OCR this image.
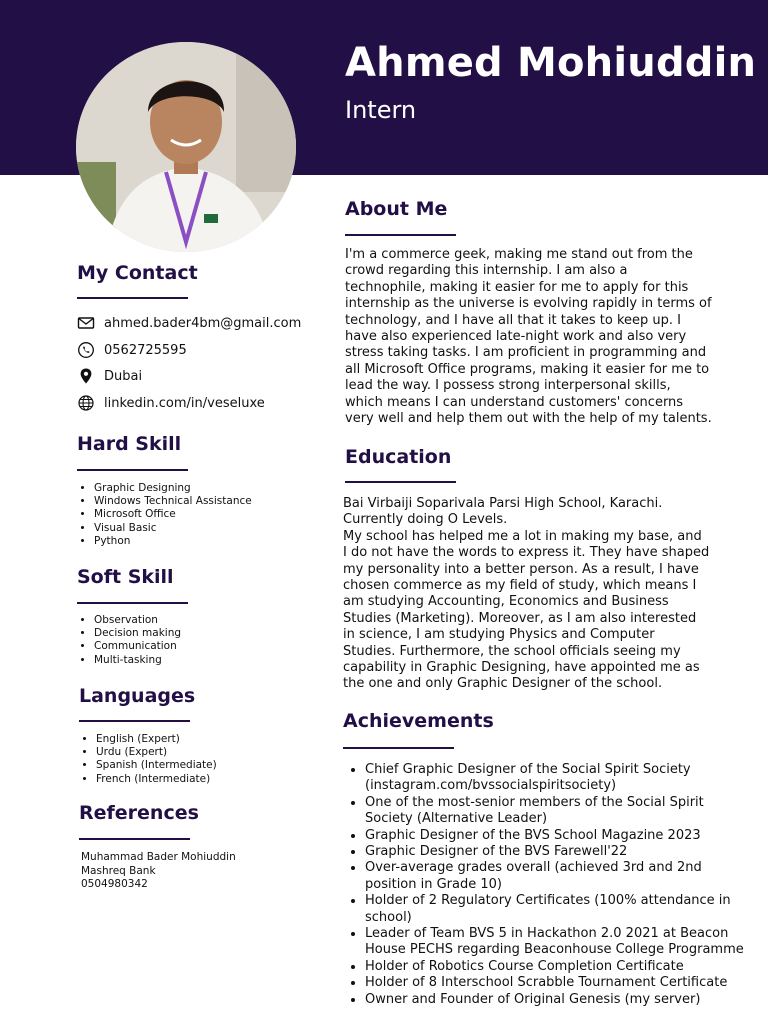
Ahmed Mohiuddin
Intern
My Contact
ahmed.bader4bm@gmail.com
0562725595
Dubai
linkedin.com/in/veseluxe
Hard Skill
• Graphic Designing
• Windows Technical Assistance
• Microsoft Office
• Visual Basic
• Python
Soft Skill
• Observation
• Decision making
• Communication
• Multi-tasking
Languages
• English (Expert)
• Urdu (Expert)
• Spanish (Intermediate)
• French (Intermediate)
References
Muhammad Bader Mohiuddin
Mashreq Bank
0504980342
About Me
I'm a commerce geek, making me stand out from the
crowd regarding this internship. I am also a
technophile, making it easier for me to apply for this
internship as the universe is evolving rapidly in terms of
technology, and I have all that it takes to keep up. I
have also experienced late-night work and also very
stress taking tasks. I am proficient in programming and
all Microsoft Office programs, making it easier for me to
lead the way. I possess strong interpersonal skills,
which means I can understand customers' concerns
very well and help them out with the help of my talents.
Education
Bai Virbaiji Soparivala Parsi High School, Karachi.
Currently doing O Levels.
My school has helped me a lot in making my base, and
I do not have the words to express it. They have shaped
my personality into a better person. As a result, I have
chosen commerce as my field of study, which means I
am studying Accounting, Economics and Business
Studies (Marketing). Moreover, as I am also interested
in science, I am studying Physics and Computer
Studies. Furthermore, the school officials seeing my
capability in Graphic Designing, have appointed me as
the one and only Graphic Designer of the school.
Achievements
• Chief Graphic Designer of the Social Spirit Society
(instagram.com/bvssocialspiritsociety)
• One of the most-senior members of the Social Spirit
Society (Alternative Leader)
• Graphic Designer of the BVS School Magazine 2023
• Graphic Designer of the BVS Farewell'22
• Over-average grades overall (achieved 3rd and 2nd
position in Grade 10)
• Holder of 2 Regulatory Certificates (100% attendance in
school)
• Leader of Team BVS 5 in Hackathon 2.0 2021 at Beacon
House PECHS regarding Beaconhouse College Programme
• Holder of Robotics Course Completion Certificate
• Holder of 8 Interschool Scrabble Tournament Certificate
• Owner and Founder of Original Genesis (my server)
